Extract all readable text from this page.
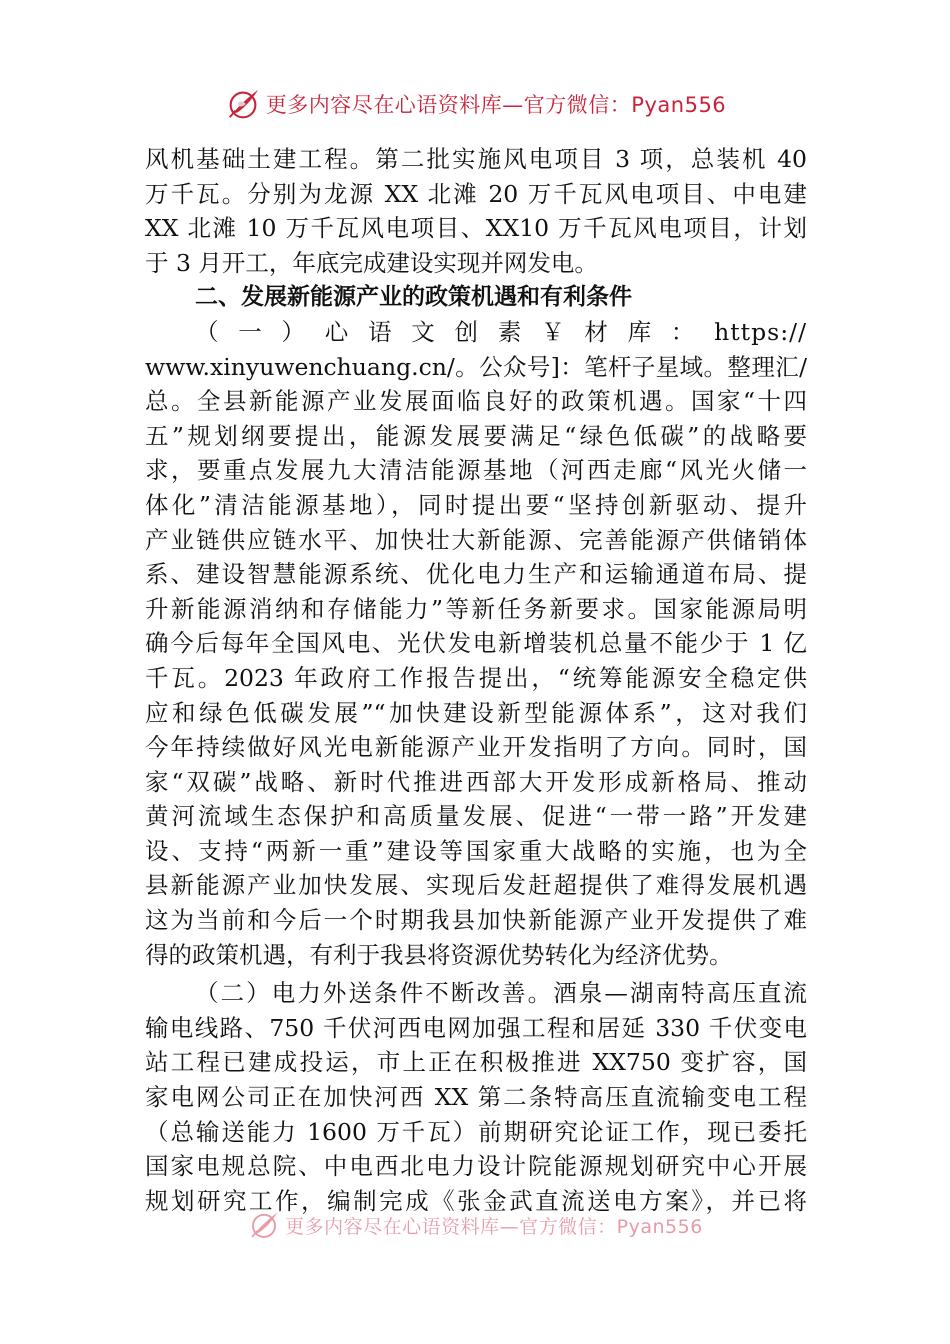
更多内容尽在心语资料库—官方微信：Pyan556
风机基础土建工程。第二批实施风电项目 3 项，总装机 40
万千瓦。分别为龙源 XX 北滩 20 万千瓦风电项目、中电建
XX 北滩 10 万千瓦风电项目、XX10 万千瓦风电项目，计划
于 3 月开工，年底完成建设实现并网发电。
二、发展新能源产业的政策机遇和有利条件
（ 一 ） 心 语 文 创 素 ￥ 材 库 ： https://
www.xinyuwenchuang.cn/。公众号]：笔杆子星域。整理汇/
总。全县新能源产业发展面临良好的政策机遇。国家“十四
五”规划纲要提出，能源发展要满足“绿色低碳”的战略要
求，要重点发展九大清洁能源基地（河西走廊“风光火储一
体化”清洁能源基地），同时提出要“坚持创新驱动、提升
产业链供应链水平、加快壮大新能源、完善能源产供储销体
系、建设智慧能源系统、优化电力生产和运输通道布局、提
升新能源消纳和存储能力”等新任务新要求。国家能源局明
确今后每年全国风电、光伏发电新增装机总量不能少于 1 亿
千瓦。2023 年政府工作报告提出，“统筹能源安全稳定供
应和绿色低碳发展”“加快建设新型能源体系”，这对我们
今年持续做好风光电新能源产业开发指明了方向。同时，国
家“双碳”战略、新时代推进西部大开发形成新格局、推动
黄河流域生态保护和高质量发展、促进“一带一路”开发建
设、支持“两新一重”建设等国家重大战略的实施，也为全
县新能源产业加快发展、实现后发赶超提供了难得发展机遇
这为当前和今后一个时期我县加快新能源产业开发提供了难
得的政策机遇，有利于我县将资源优势转化为经济优势。
（二）电力外送条件不断改善。酒泉—湖南特高压直流
输电线路、750 千伏河西电网加强工程和居延 330 千伏变电
站工程已建成投运，市上正在积极推进 XX750 变扩容，国
家电网公司正在加快河西 XX 第二条特高压直流输变电工程
（总输送能力 1600 万千瓦）前期研究论证工作，现已委托
国家电规总院、中电西北电力设计院能源规划研究中心开展
规划研究工作，编制完成《张金武直流送电方案》，并已将
更多内容尽在心语资料库—官方微信：Pyan556
